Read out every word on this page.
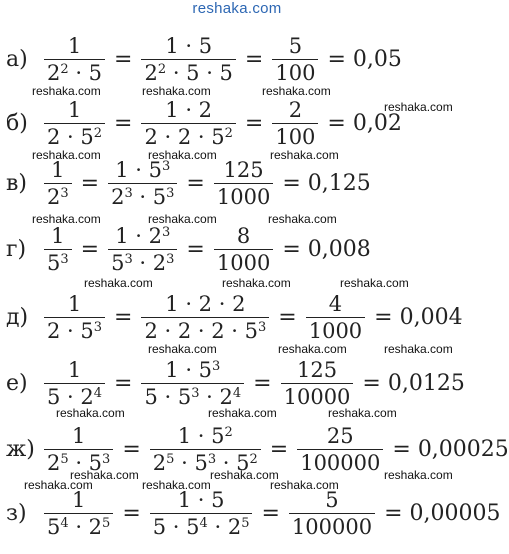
reshaka.com
$а) \frac{1}{2^2 \cdot 5} = \frac{1 \cdot 5}{2^2 \cdot 5 \cdot 5} = \frac{5}{100} = 0,05$
$б) \frac{1}{2 \cdot 5^2} = \frac{1 \cdot 2}{2 \cdot 2 \cdot 5^2} = \frac{2}{100} = 0,02$
$в) \frac{1}{2^3} = \frac{1 \cdot 5^3}{2^3 \cdot 5^3} = \frac{125}{1000} = 0,125$
$г) \frac{1}{5^3} = \frac{1 \cdot 2^3}{5^3 \cdot 2^3} = \frac{8}{1000} = 0,008$
$д) \frac{1}{2 \cdot 5^3} = \frac{1 \cdot 2 \cdot 2}{2 \cdot 2 \cdot 2 \cdot 5^3} = \frac{4}{1000} = 0,004$
$е) \frac{1}{5 \cdot 2^4} = \frac{1 \cdot 5^3}{5 \cdot 5^3 \cdot 2^4} = \frac{125}{10000} = 0,0125$
$ж) \frac{1}{2^5 \cdot 5^3} = \frac{1 \cdot 5^2}{2^5 \cdot 5^3 \cdot 5^2} = \frac{25}{100000} = 0,00025$
$з) \frac{1}{5^4 \cdot 2^5} = \frac{1 \cdot 5}{5 \cdot 5^4 \cdot 2^5} = \frac{5}{100000} = 0,00005$
reshaka.com	reshaka.com	reshaka.com
reshaka.com
reshaka.com	reshaka.com	reshaka.com
reshaka.com	reshaka.com	reshaka.com
reshaka.com	reshaka.com	reshaka.com
reshaka.com	reshaka.com	reshaka.com
reshaka.com	reshaka.com	reshaka.com
reshaka.com	reshaka.com	reshaka.com
reshaka.com	reshaka.com	reshaka.com
